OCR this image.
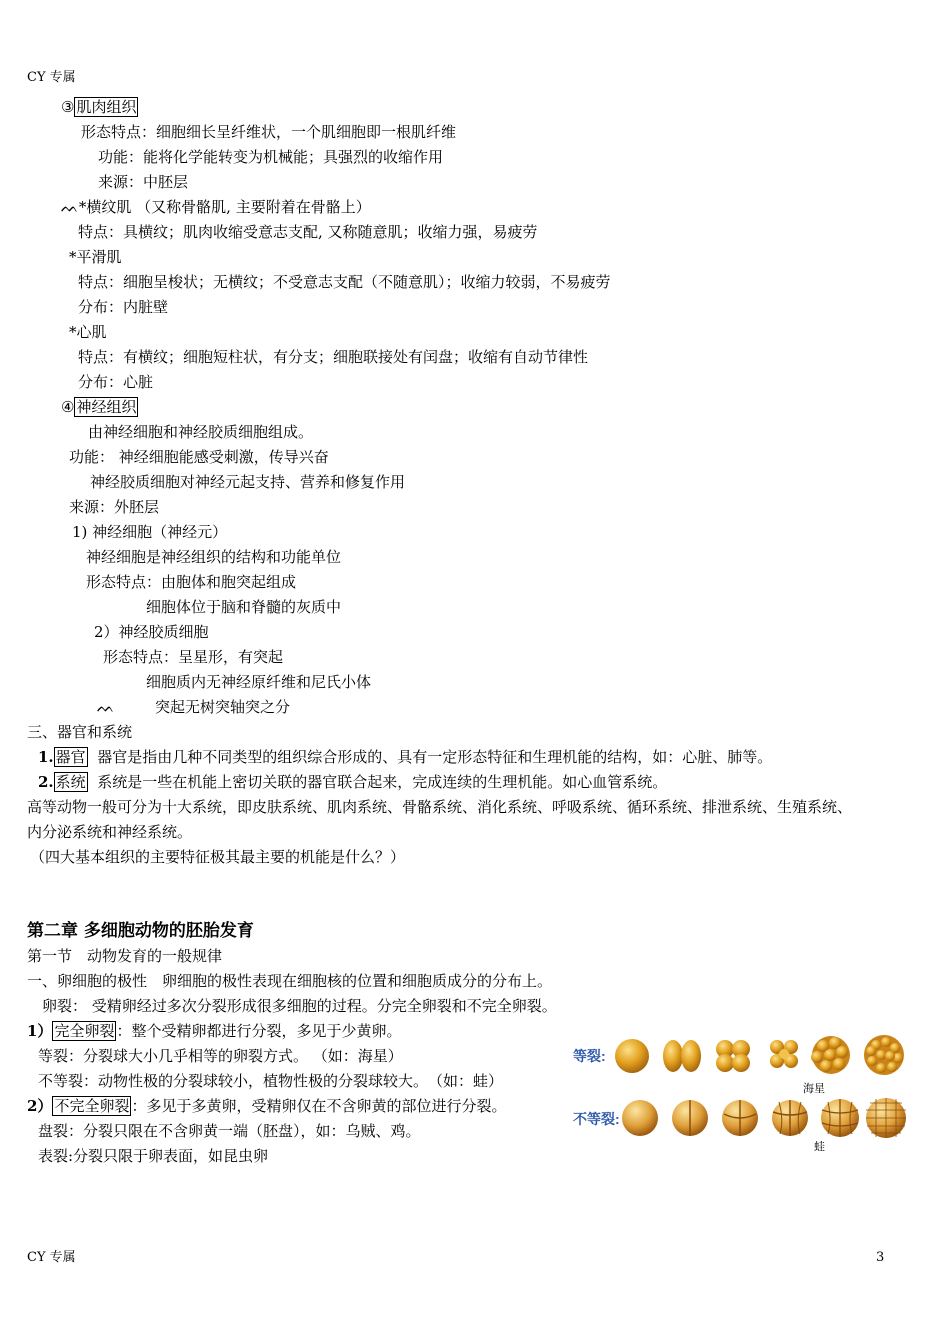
CY 专属
③ 肌肉组织
形态特点：细胞细长呈纤维状，一个肌细胞即一根肌纤维
功能：能将化学能转变为机械能；具强烈的收缩作用
来源：中胚层
ᨓ*横纹肌 （又称骨骼肌, 主要附着在骨骼上）
特点：具横纹；肌肉收缩受意志支配, 又称随意肌；收缩力强，易疲劳
*平滑肌
特点：细胞呈梭状；无横纹；不受意志支配（不随意肌）；收缩力较弱，不易疲劳
分布：内脏壁
*心肌
特点：有横纹；细胞短柱状，有分支；细胞联接处有闰盘；收缩有自动节律性
分布：心脏
④ 神经组织
由神经细胞和神经胶质细胞组成。
功能： 神经细胞能感受刺激，传导兴奋
神经胶质细胞对神经元起支持、营养和修复作用
来源：外胚层
1) 神经细胞（神经元）
神经细胞是神经组织的结构和功能单位
形态特点：由胞体和胞突起组成
细胞体位于脑和脊髓的灰质中
2）神经胶质细胞
形态特点：呈星形，有突起
细胞质内无神经原纤维和尼氏小体
ᨓ	突起无树突轴突之分
三、器官和系统
1. 器官 器官是指由几种不同类型的组织综合形成的、具有一定形态特征和生理机能的结构，如：心脏、肺等。
2. 系统 系统是一些在机能上密切关联的器官联合起来，完成连续的生理机能。如心血管系统。
高等动物一般可分为十大系统，即皮肤系统、肌肉系统、骨骼系统、消化系统、呼吸系统、循环系统、排泄系统、生殖系统、
内分泌系统和神经系统。
（四大基本组织的主要特征极其最主要的机能是什么？）
第二章 多细胞动物的胚胎发育
第一节　动物发育的一般规律
一、卵细胞的极性　卵细胞的极性表现在细胞核的位置和细胞质成分的分布上。
卵裂： 受精卵经过多次分裂形成很多细胞的过程。分完全卵裂和不完全卵裂。
1） 完全卵裂 ：整个受精卵都进行分裂，多见于少黄卵。
等裂：分裂球大小几乎相等的卵裂方式。 （如：海星）
不等裂：动物性极的分裂球较小，植物性极的分裂球较大。　（如：蛙）
2） 不完全卵裂 ：多见于多黄卵，受精卵仅在不含卵黄的部位进行分裂。
盘裂：分裂只限在不含卵黄一端（胚盘），如：乌贼、鸡。
表裂:分裂只限于卵表面，如昆虫卵
等裂:
不等裂:
海星
蛙
CY 专属	3
